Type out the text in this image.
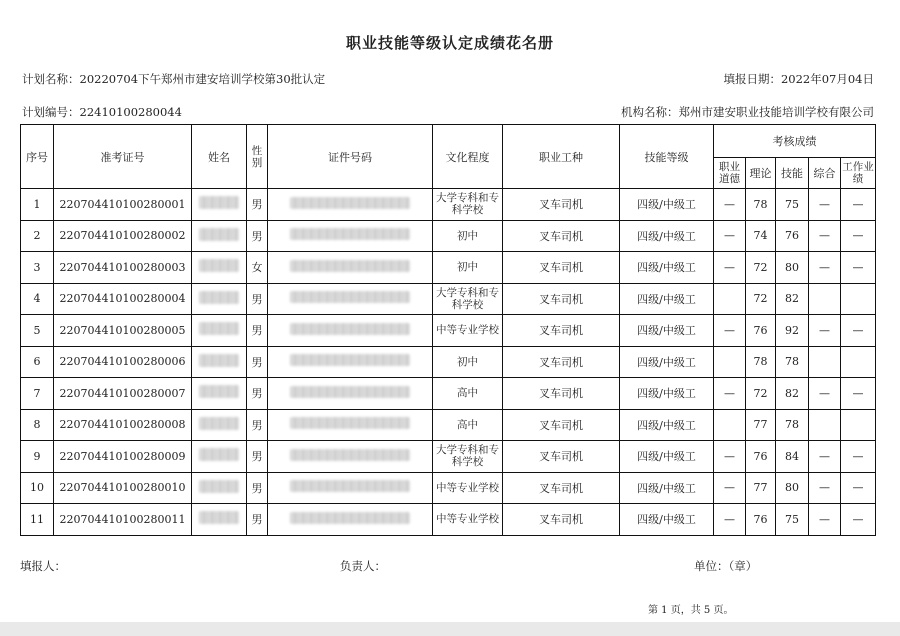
职业技能等级认定成绩花名册
计划名称：20220704下午郑州市建安培训学校第30批认定	填报日期：2022年07月04日
计划编号：22410100280044	机构名称：郑州市建安职业技能培训学校有限公司
序号	准考证号	姓名	性别	证件号码	文化程度	职业工种	技能等级	考核成绩				
								职业道德	理论	技能	综合	工作业绩
1	220704410100280001		男		大学专科和专科学校	叉车司机	四级/中级工	—	78	75	—	—
2	220704410100280002		男		初中	叉车司机	四级/中级工	—	74	76	—	—
3	220704410100280003		女		初中	叉车司机	四级/中级工	—	72	80	—	—
4	220704410100280004		男		大学专科和专科学校	叉车司机	四级/中级工		72	82		
5	220704410100280005		男		中等专业学校	叉车司机	四级/中级工	—	76	92	—	—
6	220704410100280006		男		初中	叉车司机	四级/中级工		78	78		
7	220704410100280007		男		高中	叉车司机	四级/中级工	—	72	82	—	—
8	220704410100280008		男		高中	叉车司机	四级/中级工		77	78		
9	220704410100280009		男		大学专科和专科学校	叉车司机	四级/中级工	—	76	84	—	—
10	220704410100280010		男		中等专业学校	叉车司机	四级/中级工	—	77	80	—	—
11	220704410100280011		男		中等专业学校	叉车司机	四级/中级工	—	76	75	—	—
填报人：	负责人：	单位：（章）
第 1 页，共 5 页。
